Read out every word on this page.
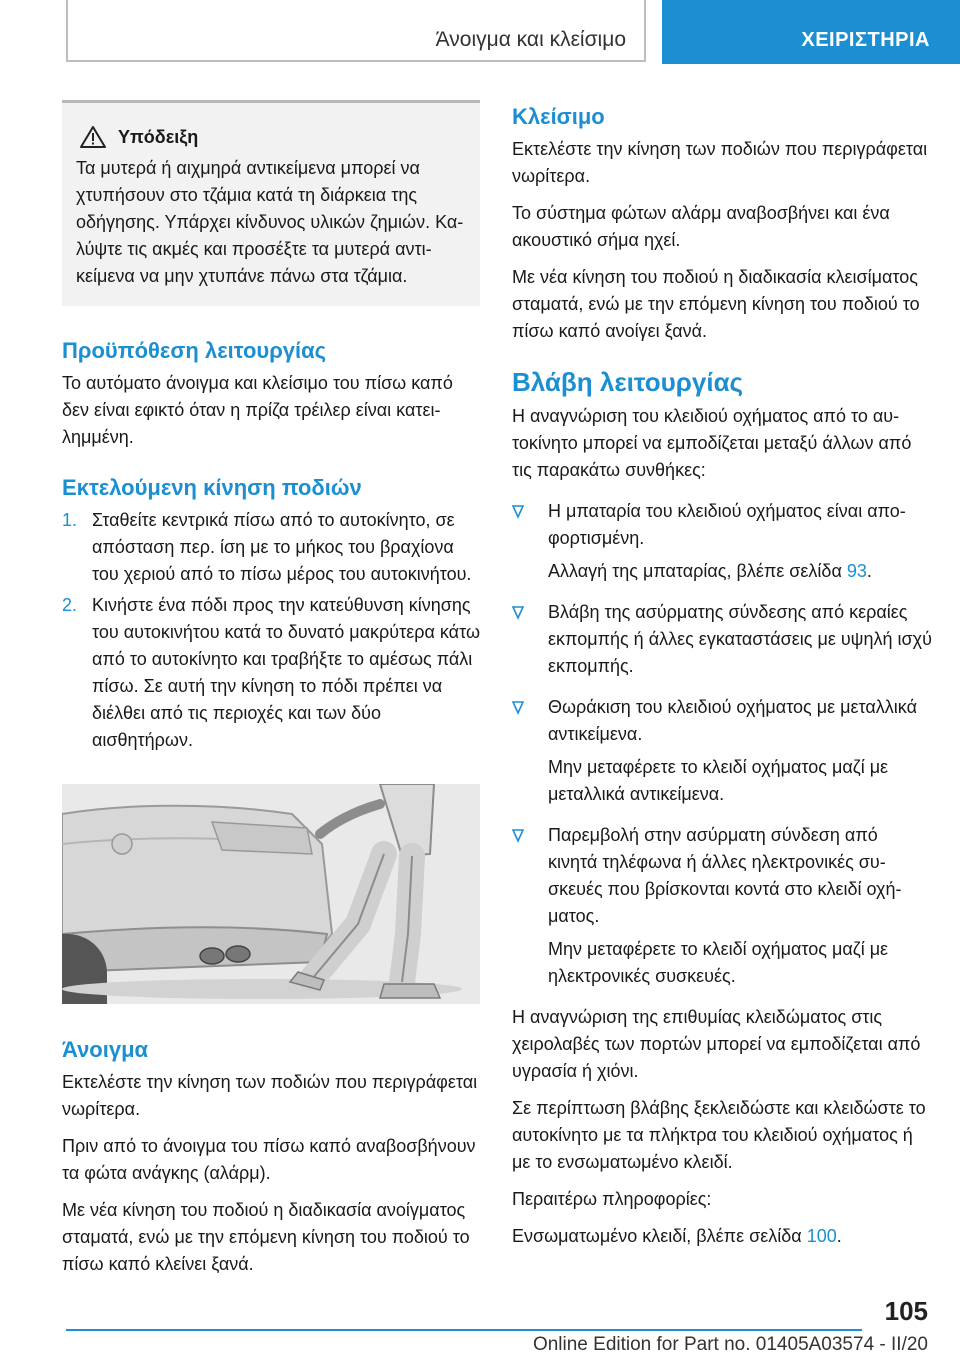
Άνοιγμα και κλείσιμο	ΧΕΙΡΙΣΤΗΡΙΑ
Υπόδειξη

Τα μυτερά ή αιχμηρά αντικείμενα μπορεί να χτυπήσουν στο τζάμια κατά τη διάρκεια της οδήγησης. Υπάρχει κίνδυνος υλικών ζημιών. Καλύψτε τις ακμές και προσέξτε τα μυτερά αντικείμενα να μην χτυπάνε πάνω στα τζάμια.

Προϋπόθεση λειτουργίας

Το αυτόματο άνοιγμα και κλείσιμο του πίσω καπό δεν είναι εφικτό όταν η πρίζα τρέιλερ είναι κατειλημμένη.

Εκτελούμενη κίνηση ποδιών
1. Σταθείτε κεντρικά πίσω από το αυτοκίνητο, σε απόσταση περ. ίση με το μήκος του βραχίονα του χεριού από το πίσω μέρος του αυτοκινήτου.
2. Κινήστε ένα πόδι προς την κατεύθυνση κίνησης του αυτοκινήτου κατά το δυνατό μακρύτερα κάτω από το αυτοκίνητο και τραβήξτε το αμέσως πάλι πίσω. Σε αυτή την κίνηση το πόδι πρέπει να διέλθει από τις περιοχές και των δύο αισθητήρων.
Άνοιγμα

Εκτελέστε την κίνηση των ποδιών που περιγράφεται νωρίτερα.

Πριν από το άνοιγμα του πίσω καπό αναβοσβήνουν τα φώτα ανάγκης (αλάρμ).

Με νέα κίνηση του ποδιού η διαδικασία ανοίγματος σταματά, ενώ με την επόμενη κίνηση του ποδιού το πίσω καπό κλείνει ξανά.

Κλείσιμο

Εκτελέστε την κίνηση των ποδιών που περιγράφεται νωρίτερα.

Το σύστημα φώτων αλάρμ αναβοσβήνει και ένα ακουστικό σήμα ηχεί.

Με νέα κίνηση του ποδιού η διαδικασία κλεισίματος σταματά, ενώ με την επόμενη κίνηση του ποδιού το πίσω καπό ανοίγει ξανά.

Βλάβη λειτουργίας

Η αναγνώριση του κλειδιού οχήματος από το αυτοκίνητο μπορεί να εμποδίζεται μεταξύ άλλων από τις παρακάτω συνθήκες:

Η μπαταρία του κλειδιού οχήματος είναι αποφορτισμένη.

Αλλαγή της μπαταρίας, βλέπε σελίδα 93.

Βλάβη της ασύρματης σύνδεσης από κεραίες εκπομπής ή άλλες εγκαταστάσεις με υψηλή ισχύ εκπομπής.

Θωράκιση του κλειδιού οχήματος με μεταλλικά αντικείμενα.

Μην μεταφέρετε το κλειδί οχήματος μαζί με μεταλλικά αντικείμενα.

Παρεμβολή στην ασύρματη σύνδεση από κινητά τηλέφωνα ή άλλες ηλεκτρονικές συσκευές που βρίσκονται κοντά στο κλειδί οχήματος.

Μην μεταφέρετε το κλειδί οχήματος μαζί με ηλεκτρονικές συσκευές.

Η αναγνώριση της επιθυμίας κλειδώματος στις χειρολαβές των πορτών μπορεί να εμποδίζεται από υγρασία ή χιόνι.

Σε περίπτωση βλάβης ξεκλειδώστε και κλειδώστε το αυτοκίνητο με τα πλήκτρα του κλειδιού οχήματος ή με το ενσωματωμένο κλειδί.

Περαιτέρω πληροφορίες:

Ενσωματωμένο κλειδί, βλέπε σελίδα 100.

105
Online Edition for Part no. 01405A03574 - II/20
